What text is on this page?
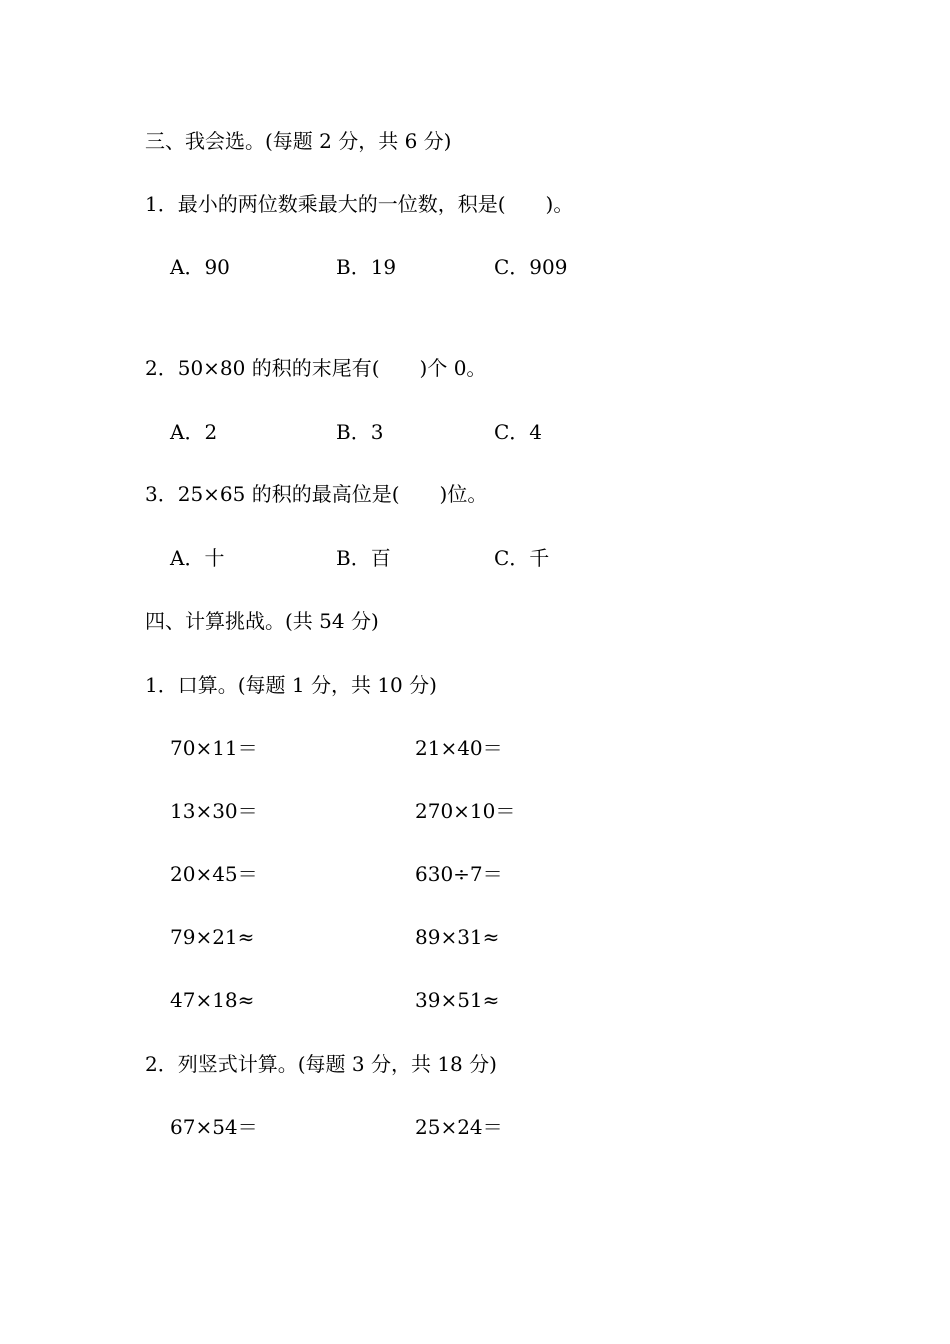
三、我会选。(每题 2 分，共 6 分)
1．最小的两位数乘最大的一位数，积是(　　)。
A．90	B．19	C．909
2．50×80 的积的末尾有(　　)个 0。
A．2	B．3	C．4
3．25×65 的积的最高位是(　　)位。
A．十	B．百	C．千
四、计算挑战。(共 54 分)
1．口算。(每题 1 分，共 10 分)
70×11＝	21×40＝
13×30＝	270×10＝
20×45＝	630÷7＝
79×21≈	89×31≈
47×18≈	39×51≈
2．列竖式计算。(每题 3 分，共 18 分)
67×54＝	25×24＝
